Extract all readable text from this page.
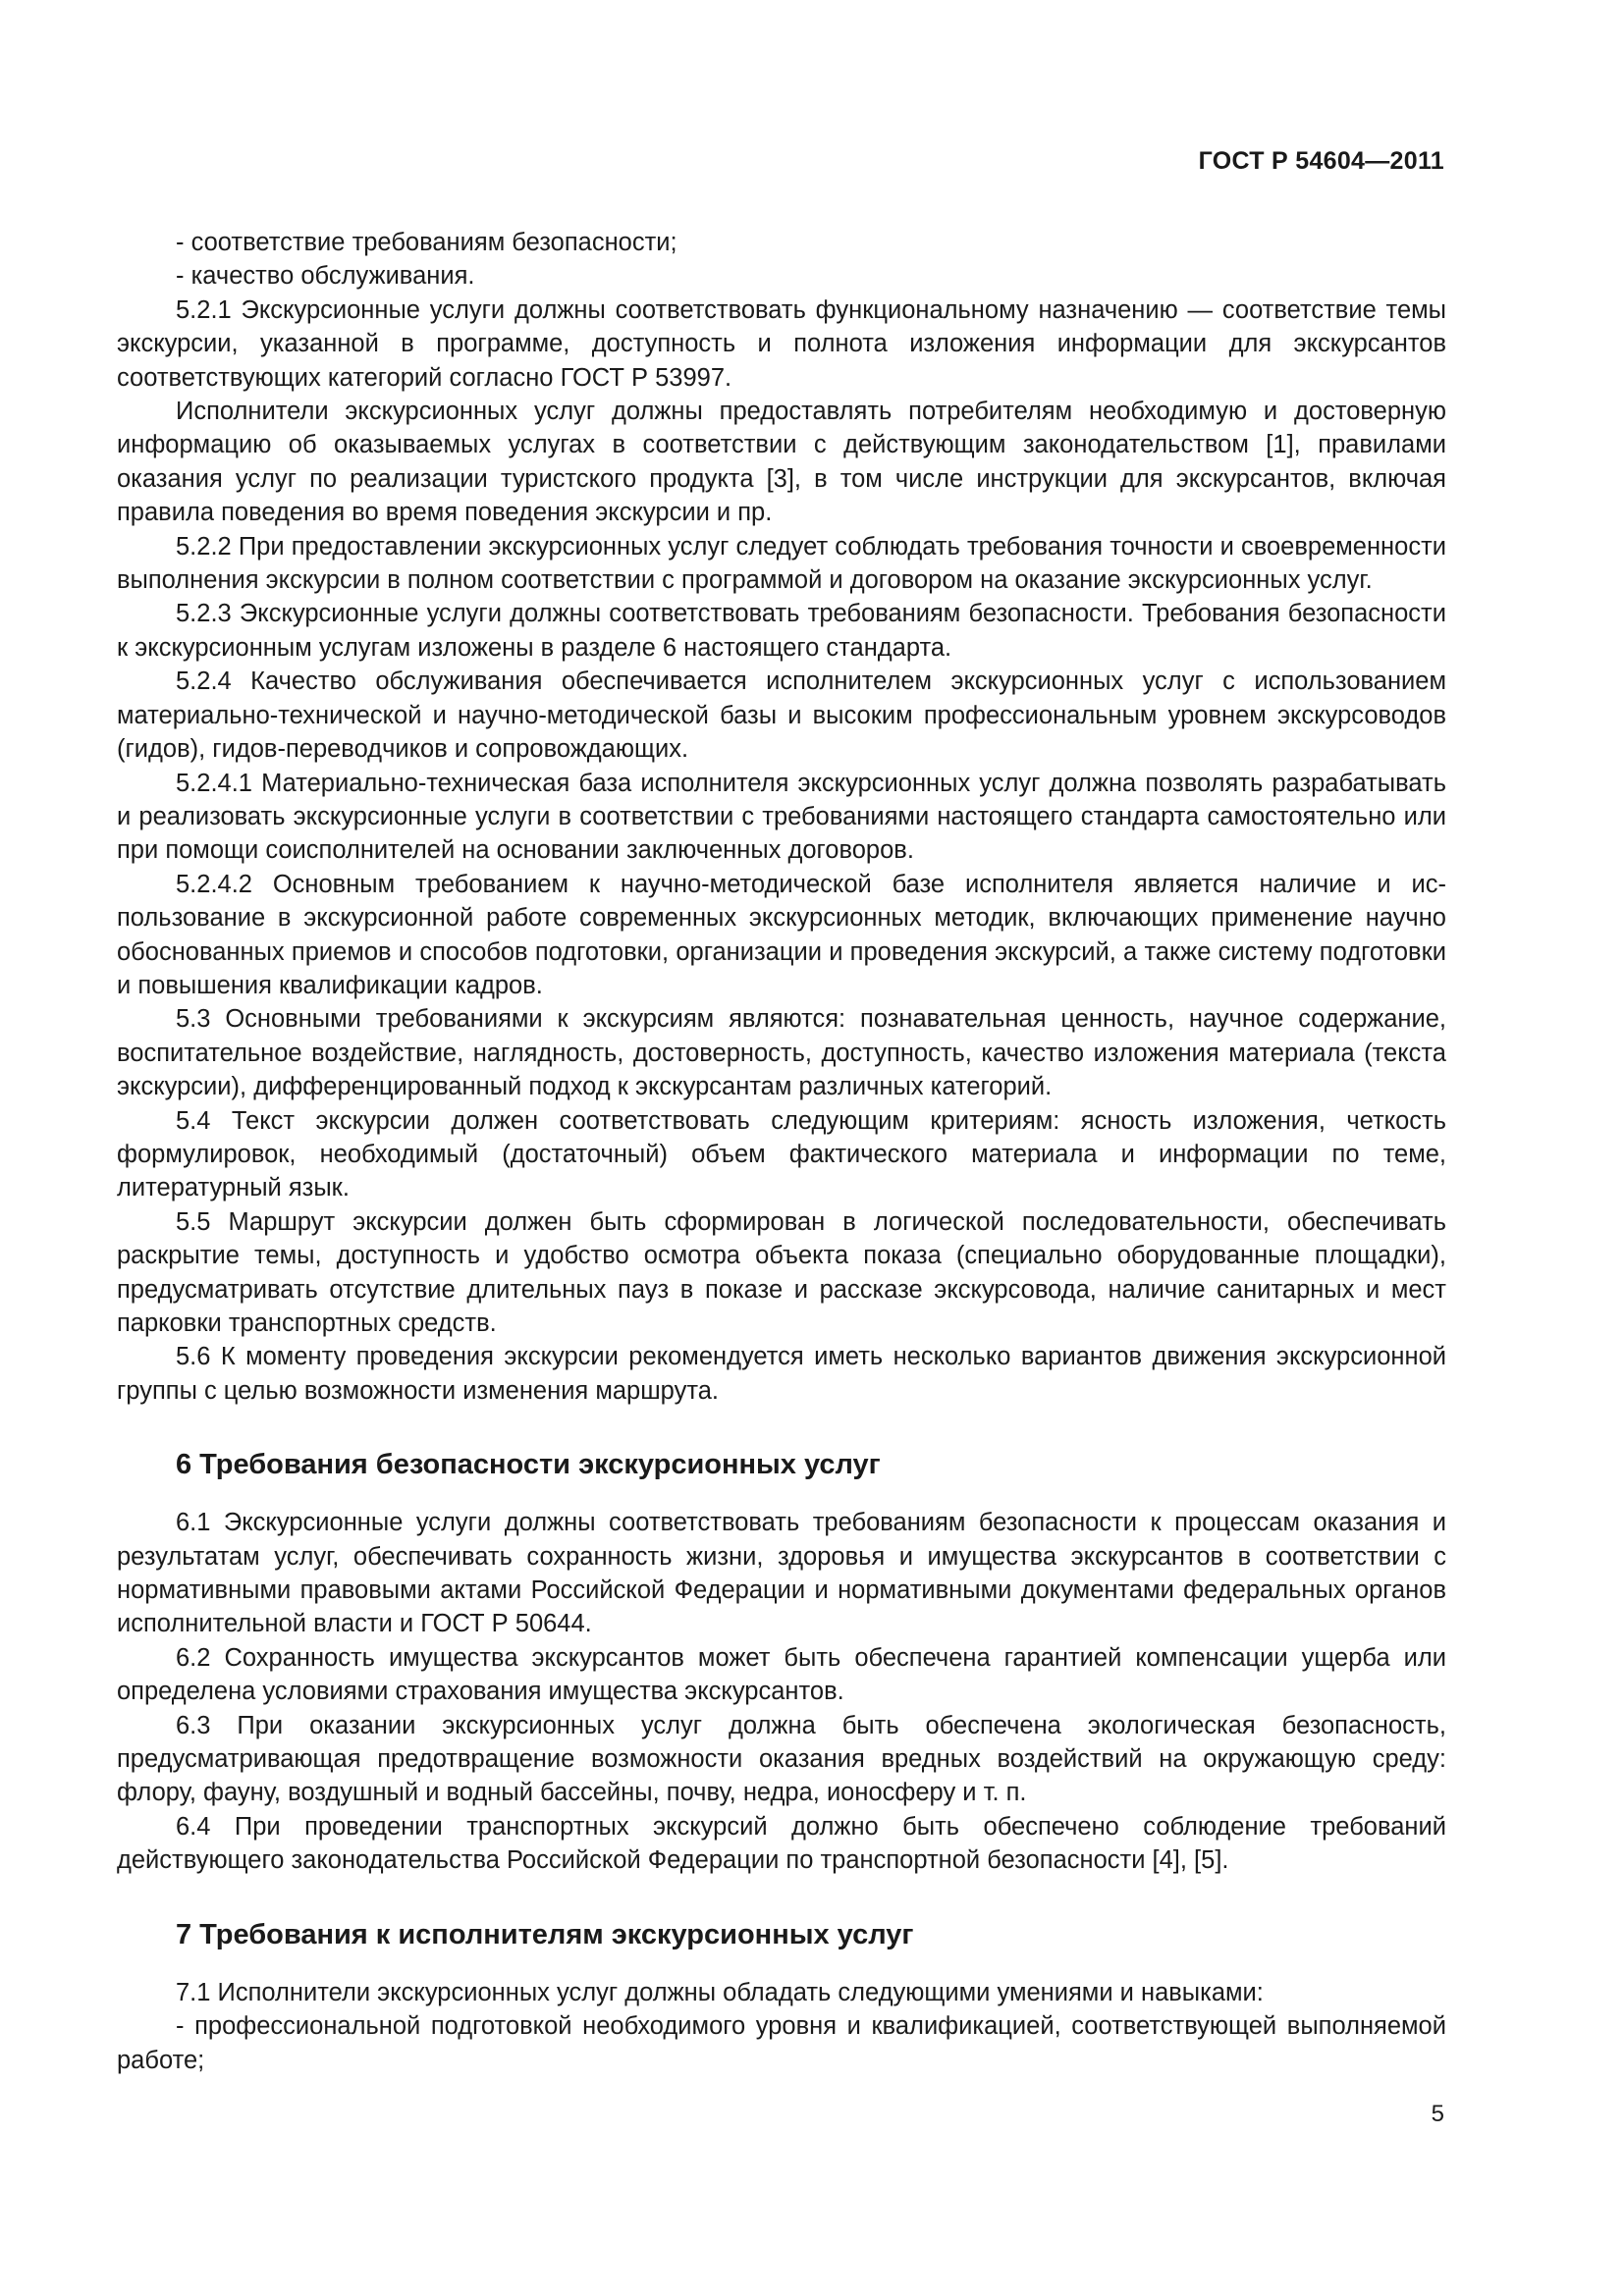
ГОСТ Р 54604—2011

- соответствие требованиям безопасности;

- качество обслуживания.

5.2.1 Экскурсионные услуги должны соответствовать функциональному назначению — соответствие темы экскурсии, указанной в программе, доступность и полнота изложения информации для экскурсантов соответствующих категорий согласно ГОСТ Р 53997.

Исполнители экскурсионных услуг должны предоставлять потребителям необходимую и достоверную информацию об оказываемых услугах в соответствии с действующим законодательством [1], правилами оказания услуг по реализации туристского продукта [3], в том числе инструкции для экскурсантов, включая правила поведения во время поведения экскурсии и пр.

5.2.2 При предоставлении экскурсионных услуг следует соблюдать требования точности и своевременности выполнения экскурсии в полном соответствии с программой и договором на оказание экскурсионных услуг.

5.2.3 Экскурсионные услуги должны соответствовать требованиям безопасности. Требования безопасности к экскурсионным услугам изложены в разделе 6 настоящего стандарта.

5.2.4 Качество обслуживания обеспечивается исполнителем экскурсионных услуг с использованием материально-технической и научно-методической базы и высоким профессиональным уровнем экскурсоводов (гидов), гидов-переводчиков и сопровождающих.

5.2.4.1 Материально-техническая база исполнителя экскурсионных услуг должна позволять разрабатывать и реализовать экскурсионные услуги в соответствии с требованиями настоящего стандарта самостоятельно или при помощи соисполнителей на основании заключенных договоров.

5.2.4.2 Основным требованием к научно-методической базе исполнителя является наличие и использование в экскурсионной работе современных экскурсионных методик, включающих применение научно обоснованных приемов и способов подготовки, организации и проведения экскурсий, а также систему подготовки и повышения квалификации кадров.

5.3 Основными требованиями к экскурсиям являются: познавательная ценность, научное содержание, воспитательное воздействие, наглядность, достоверность, доступность, качество изложения материала (текста экскурсии), дифференцированный подход к экскурсантам различных категорий.

5.4 Текст экскурсии должен соответствовать следующим критериям: ясность изложения, четкость формулировок, необходимый (достаточный) объем фактического материала и информации по теме, литературный язык.

5.5 Маршрут экскурсии должен быть сформирован в логической последовательности, обеспечивать раскрытие темы, доступность и удобство осмотра объекта показа (специально оборудованные площадки), предусматривать отсутствие длительных пауз в показе и рассказе экскурсовода, наличие санитарных и мест парковки транспортных средств.

5.6 К моменту проведения экскурсии рекомендуется иметь несколько вариантов движения экскурсионной группы с целью возможности изменения маршрута.

6 Требования безопасности экскурсионных услуг

6.1 Экскурсионные услуги должны соответствовать требованиям безопасности к процессам оказания и результатам услуг, обеспечивать сохранность жизни, здоровья и имущества экскурсантов в соответствии с нормативными правовыми актами Российской Федерации и нормативными документами федеральных органов исполнительной власти и ГОСТ Р 50644.

6.2 Сохранность имущества экскурсантов может быть обеспечена гарантией компенсации ущерба или определена условиями страхования имущества экскурсантов.

6.3 При оказании экскурсионных услуг должна быть обеспечена экологическая безопасность, предусматривающая предотвращение возможности оказания вредных воздействий на окружающую среду: флору, фауну, воздушный и водный бассейны, почву, недра, ионосферу и т. п.

6.4 При проведении транспортных экскурсий должно быть обеспечено соблюдение требований действующего законодательства Российской Федерации по транспортной безопасности [4], [5].

7 Требования к исполнителям экскурсионных услуг

7.1 Исполнители экскурсионных услуг должны обладать следующими умениями и навыками:

- профессиональной подготовкой необходимого уровня и квалификацией, соответствующей выполняемой работе;

5
